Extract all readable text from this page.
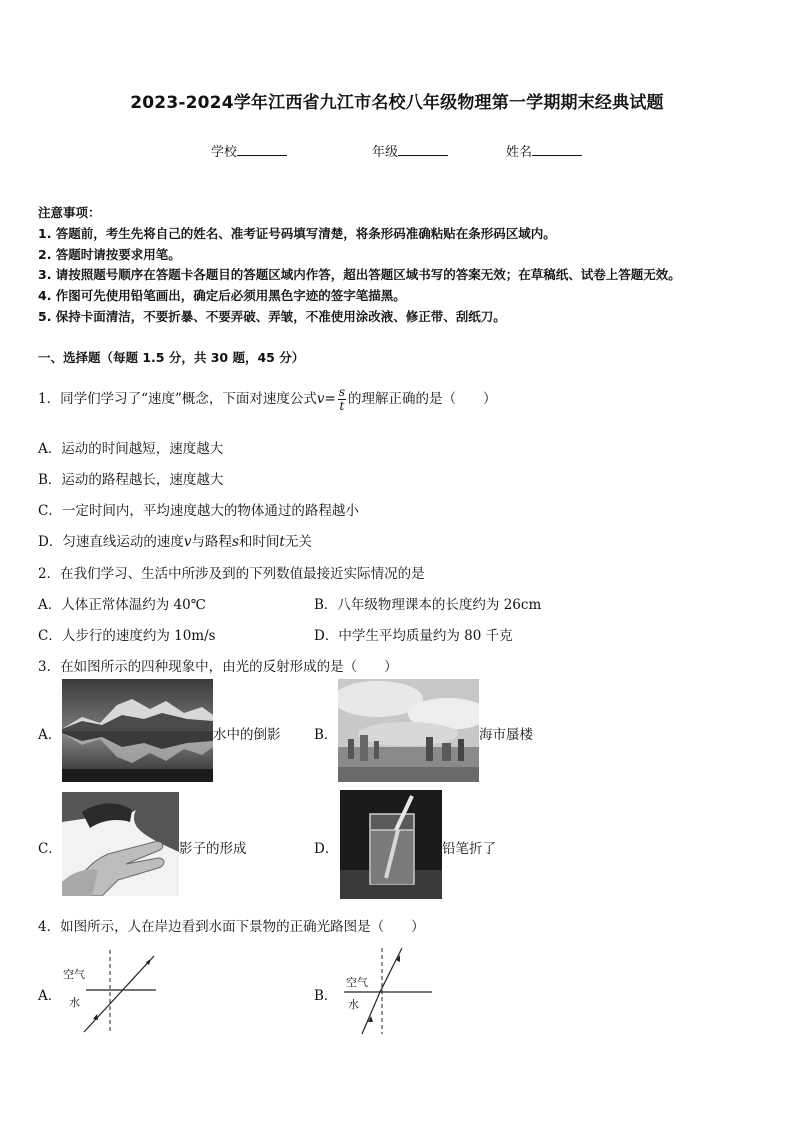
2023-2024学年江西省九江市名校八年级物理第一学期期末经典试题
学校	年级	姓名
注意事项：
1. 答题前，考生先将自己的姓名、准考证号码填写清楚，将条形码准确粘贴在条形码区域内。
2. 答题时请按要求用笔。
3. 请按照题号顺序在答题卡各题目的答题区域内作答，超出答题区域书写的答案无效；在草稿纸、试卷上答题无效。
4. 作图可先使用铅笔画出，确定后必须用黑色字迹的签字笔描黑。
5. 保持卡面清洁，不要折暴、不要弄破、弄皱，不准使用涂改液、修正带、刮纸刀。
一、选择题（每题 1.5 分，共 30 题，45 分）
1．同学们学习了“速度”概念，下面对速度公式$v= \frac{s}{t}$ 的理解正确的是（　　）
A．运动的时间越短，速度越大
B．运动的路程越长，速度越大
C．一定时间内，平均速度越大的物体通过的路程越小
D．匀速直线运动的速度v与路程s和时间t无关
2．在我们学习、生活中所涉及到的下列数值最接近实际情况的是
A．人体正常体温约为 40℃	B．八年级物理课本的长度约为 26cm
C．人步行的速度约为 10m/s	D．中学生平均质量约为 80 千克
3．在如图所示的四种现象中，由光的反射形成的是（　　）
A．	水中的倒影 B．	海市蜃楼
C．	影子的形成	D．	铅笔折了
4．如图所示，人在岸边看到水面下景物的正确光路图是（　　）
A．
空气
水	B．
空气
水
